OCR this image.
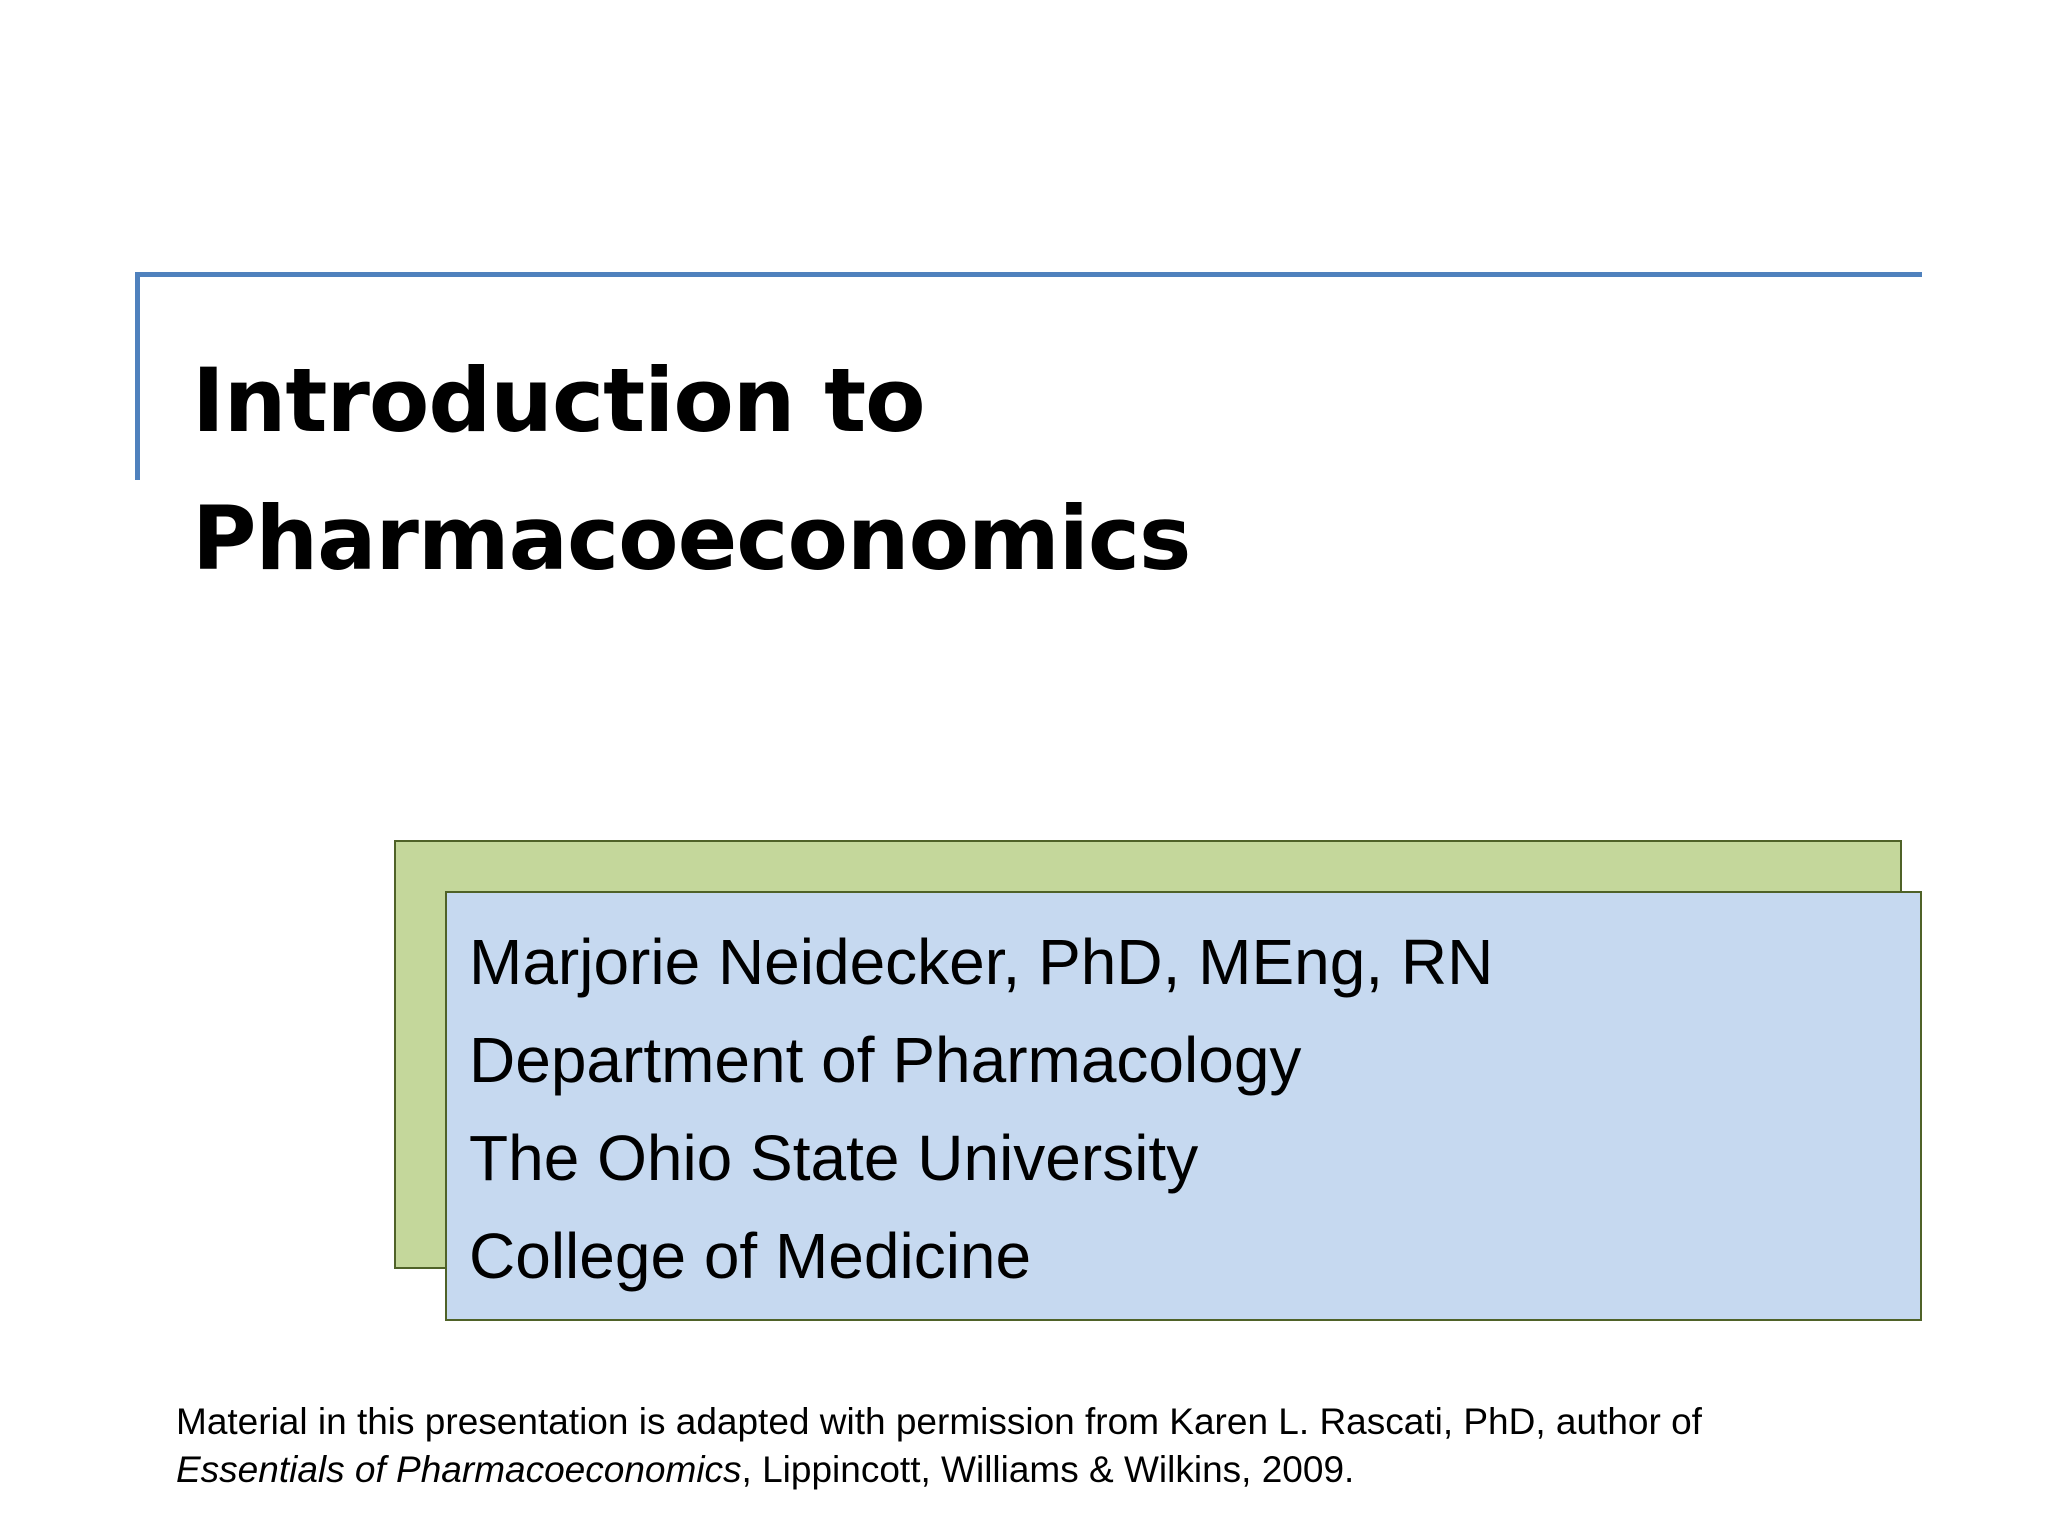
Introduction to
Pharmacoeconomics
Marjorie Neidecker, PhD, MEng, RN
Department of Pharmacology
The Ohio State University
College of Medicine
Material in this presentation is adapted with permission from Karen L. Rascati, PhD, author of
Essentials of Pharmacoeconomics, Lippincott, Williams & Wilkins, 2009.
